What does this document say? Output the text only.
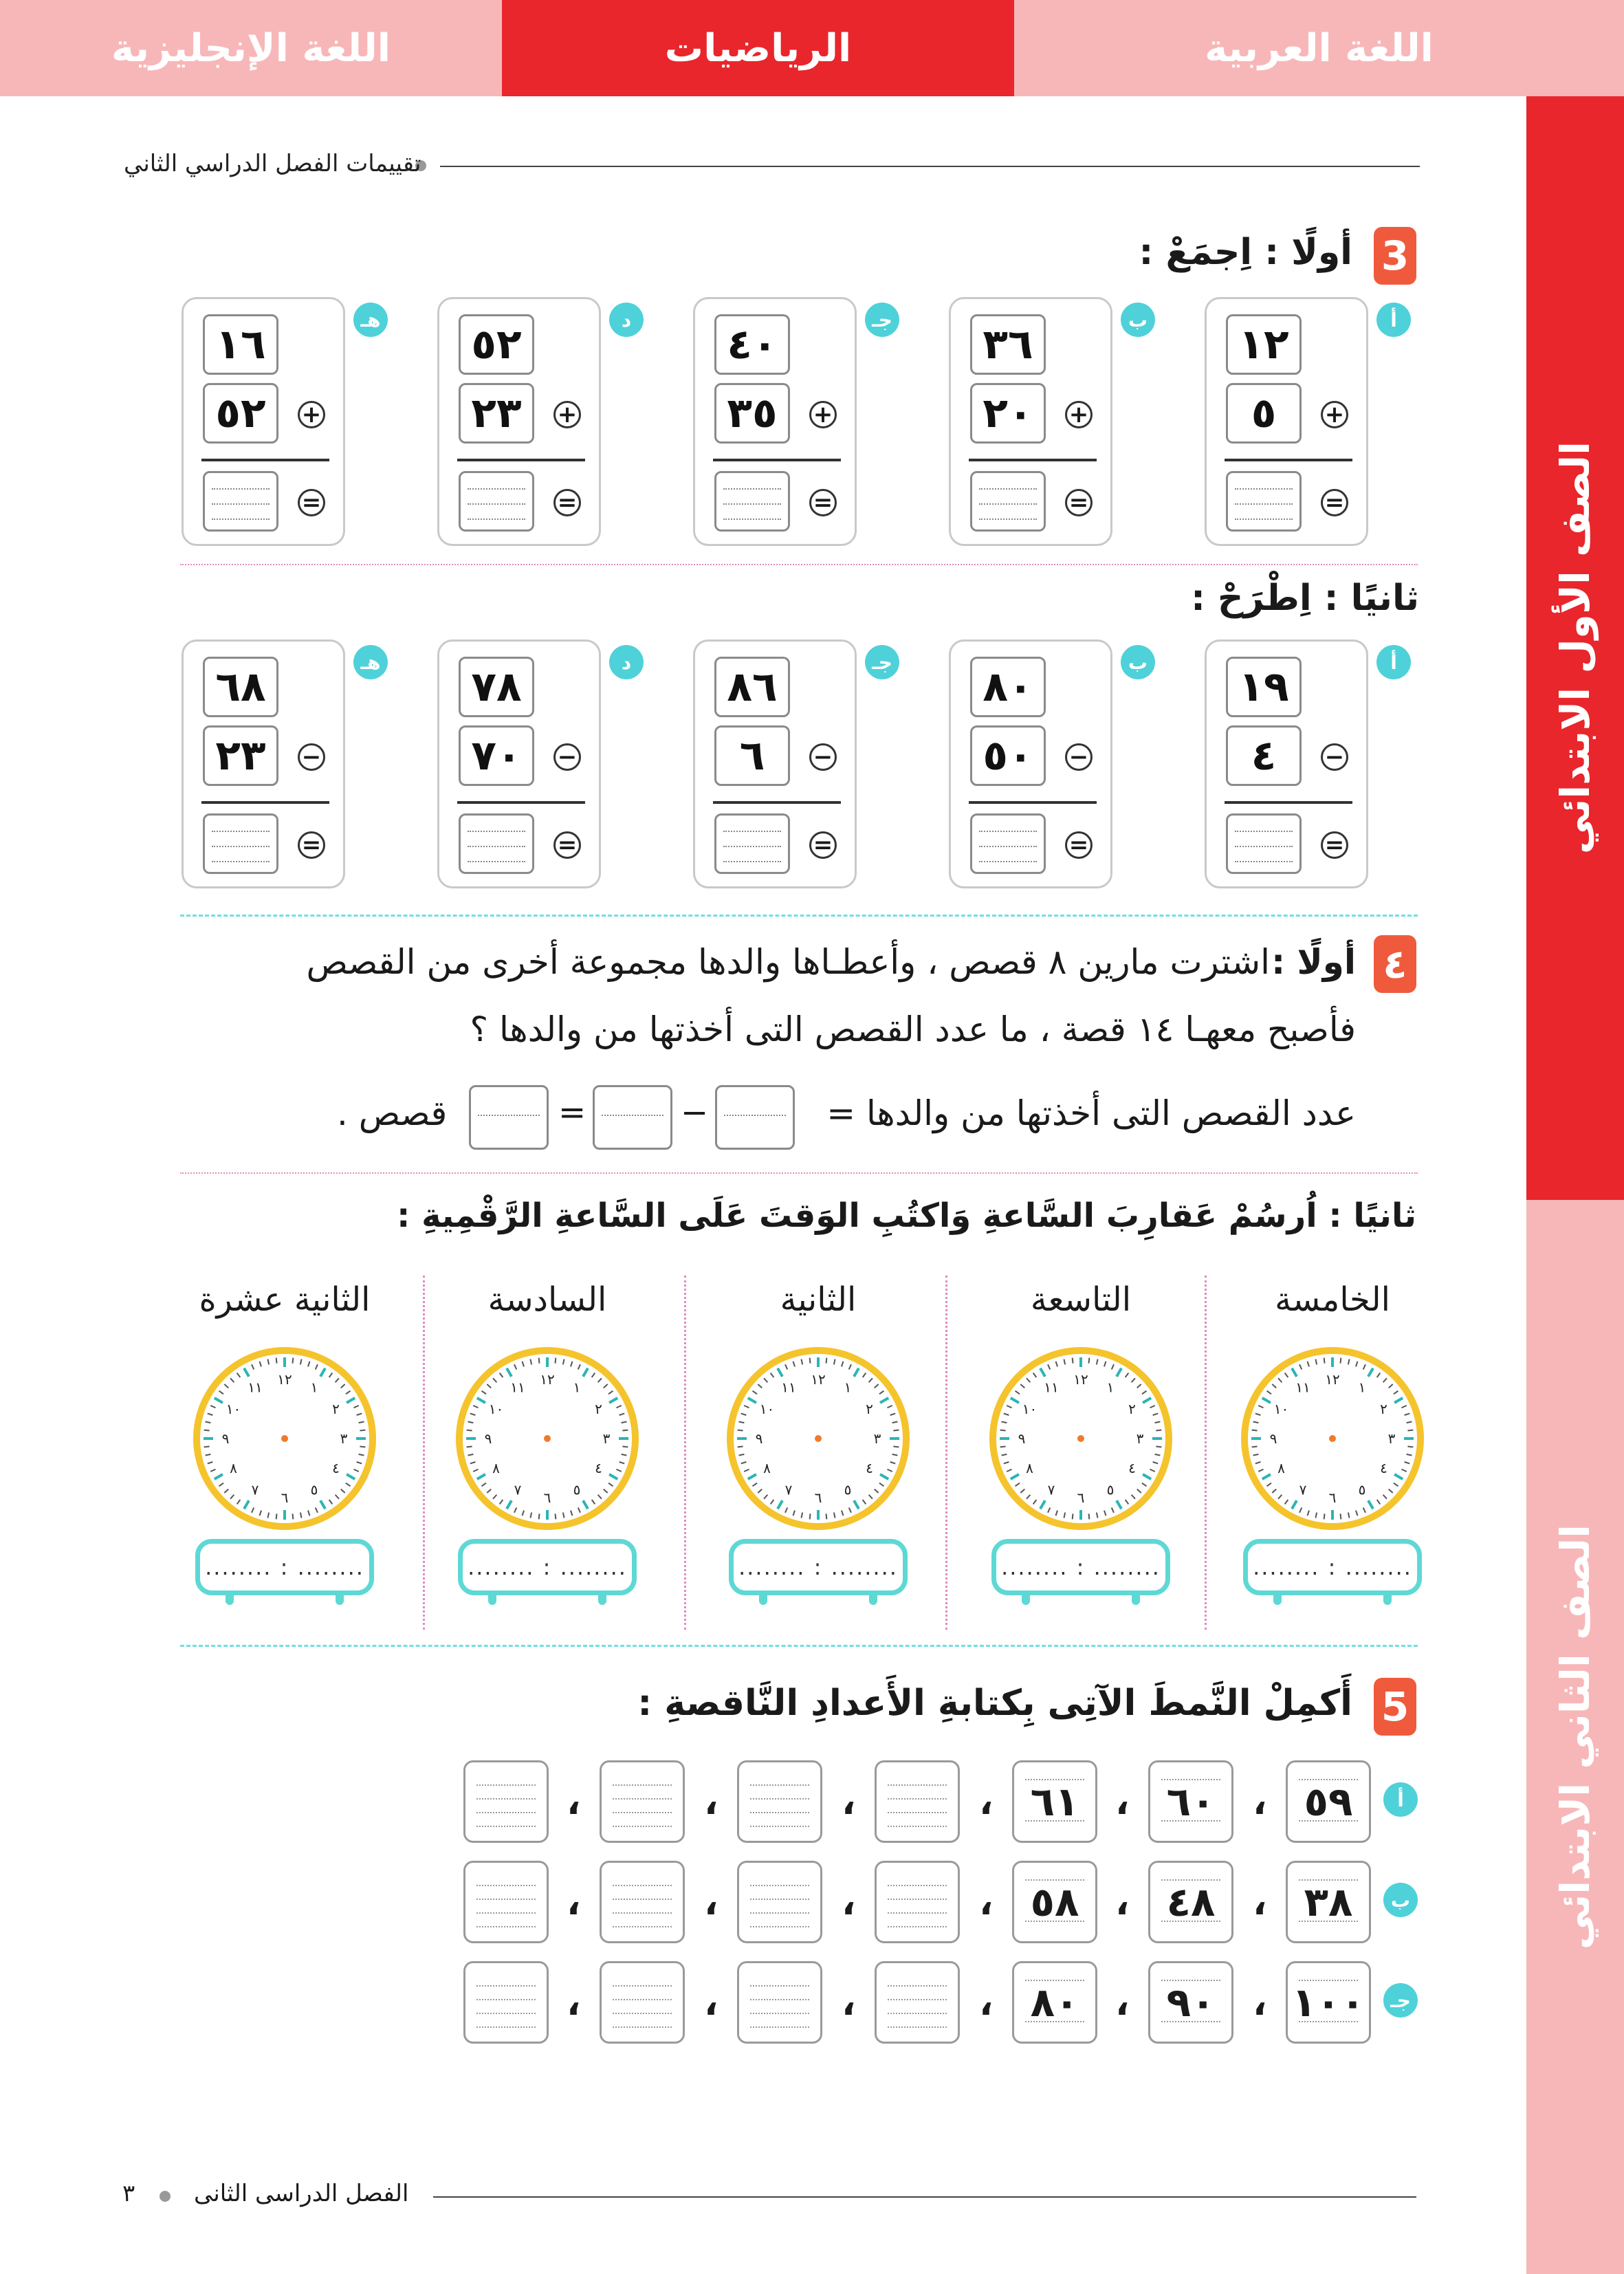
اللغة الإنجليزية	الرياضيات	اللغة العربية
الصف الأول الابتدائي
الصف الثاني الابتدائي
تقييمات الفصل الدراسي الثاني
3
أولًا : اِجمَعْ :
١٢
٥	+
=
أ
٣٦
٢٠	+
=
ب
٤٠
٣٥	+
=
جـ
٥٢
٢٣	+
=
د
١٦
٥٢	+
=
هـ
ثانيًا : اِطْرَحْ :
١٩
٤	−
=
أ
٨٠
٥٠	−
=
ب
٨٦
٦	−
=
جـ
٧٨
٧٠	−
=
د
٦٨
٢٣	−
=
هـ
٤
أولًا :
اشترت مارين ٨ قصص ، وأعطـاها والدها مجموعة أخرى من القصص
فأصبح معهـا ١٤ قصة ، ما عدد القصص التى أخذتها من والدها ؟
عدد القصص التى أخذتها من والدها =
−
=
قصص .
ثانيًا : اُرسُمْ عَقارِبَ السَّاعةِ وَاكتُبِ الوَقتَ عَلَى السَّاعةِ الرَّقْمِيةِ :
الخامسة
١٢ ١
٢
٣
٤
٥
٦
٧
٨
٩
١٠
١١
........ : ........
التاسعة
١٢ ١
٢
٣
٤
٥
٦
٧
٨
٩
١٠
١١
........ : ........
الثانية
١٢ ١
٢
٣
٤
٥
٦
٧
٨
٩
١٠
١١
........ : ........
السادسة
١٢ ١
٢
٣
٤
٥
٦
٧
٨
٩
١٠
١١
........ : ........
الثانية عشرة
١٢ ١
٢
٣
٤
٥
٦
٧
٨
٩
١٠
١١
........ : ........
5
أَكمِلْ النَّمطَ الآتِى بِكتابةِ الأَعدادِ النَّاقصةِ :
أ
٥٩
،
٦٠
،
٦١
،
،
،
،
ب
٣٨
،
٤٨
،
٥٨
،
،
،
،
جـ
١٠٠
،
٩٠
،
٨٠
،
،
،
،
الفصل الدراسى الثانى
٣
